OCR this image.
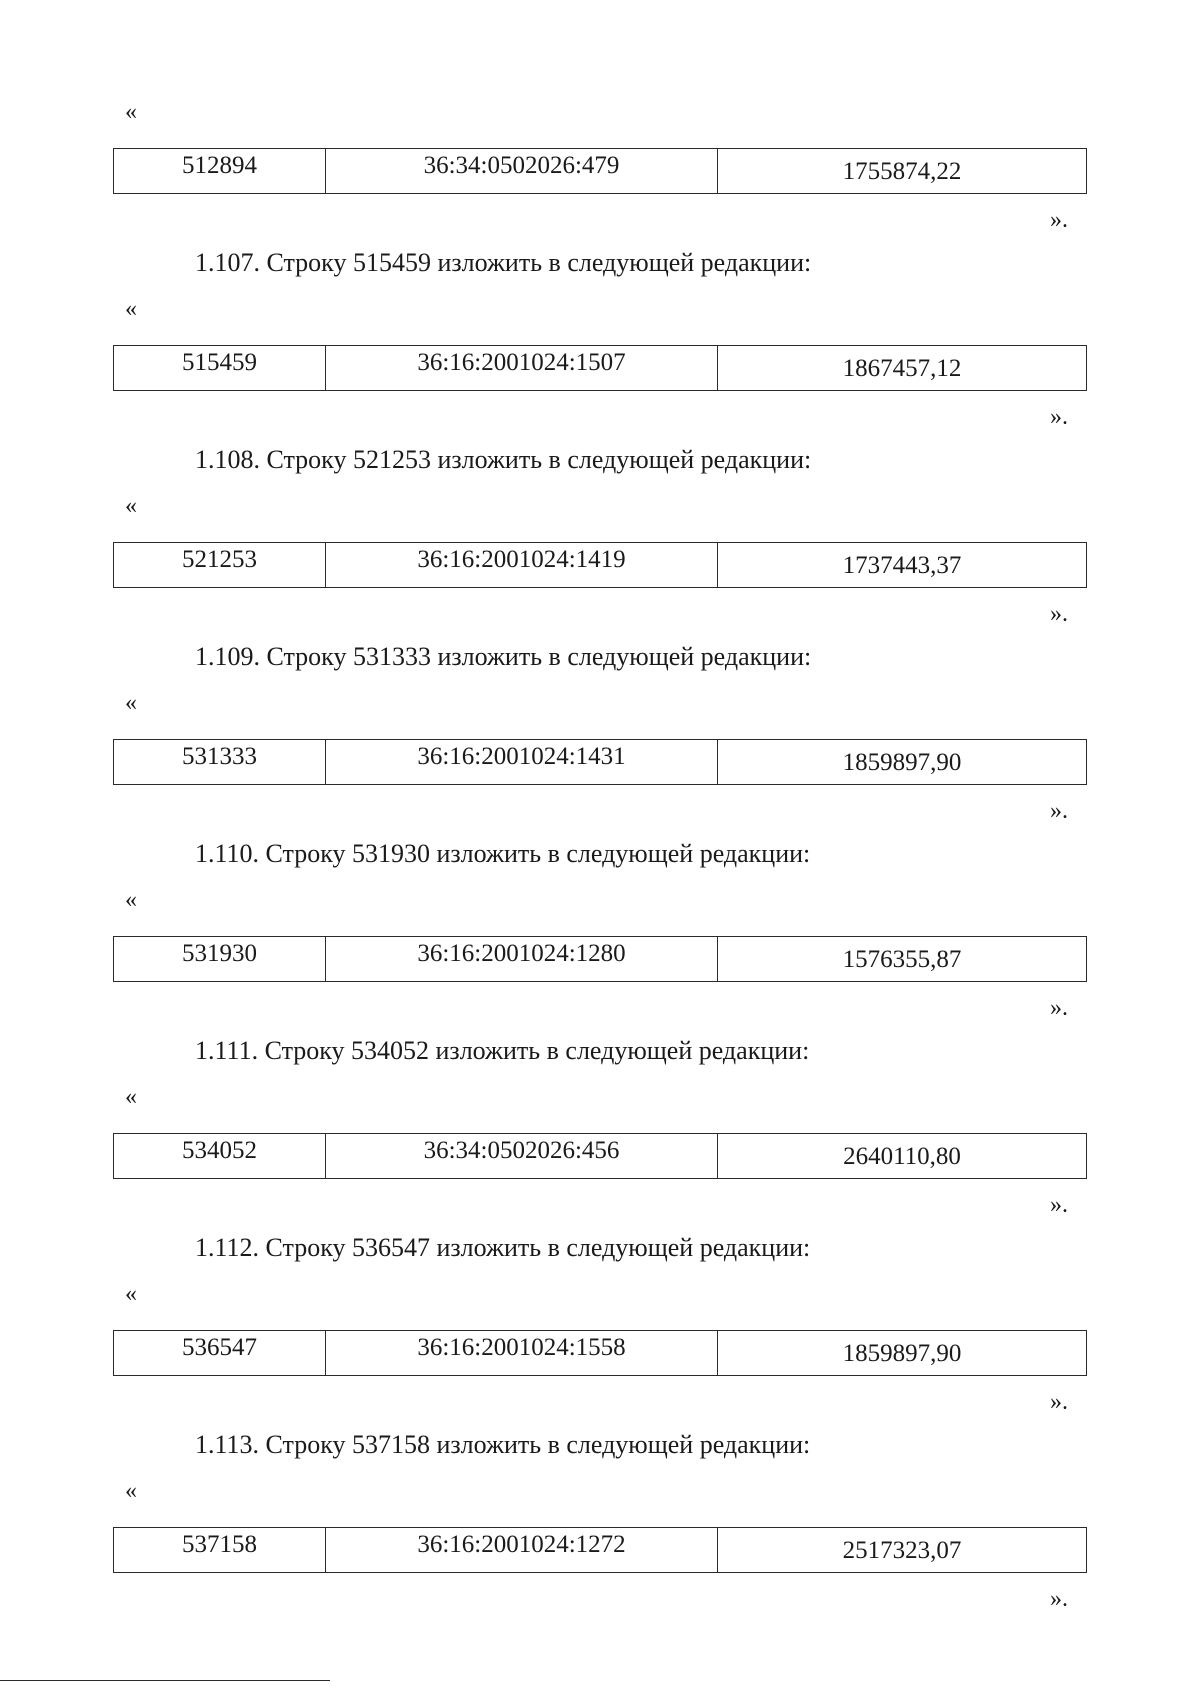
«
512894	36:34:0502026:479	1755874,22
».
1.107. Строку 515459 изложить в следующей редакции:
«
515459	36:16:2001024:1507	1867457,12
».
1.108. Строку 521253 изложить в следующей редакции:
«
521253	36:16:2001024:1419	1737443,37
».
1.109. Строку 531333 изложить в следующей редакции:
«
531333	36:16:2001024:1431	1859897,90
».
1.110. Строку 531930 изложить в следующей редакции:
«
531930	36:16:2001024:1280	1576355,87
».
1.111. Строку 534052 изложить в следующей редакции:
«
534052	36:34:0502026:456	2640110,80
».
1.112. Строку 536547 изложить в следующей редакции:
«
536547	36:16:2001024:1558	1859897,90
».
1.113. Строку 537158 изложить в следующей редакции:
«
537158	36:16:2001024:1272	2517323,07
».
